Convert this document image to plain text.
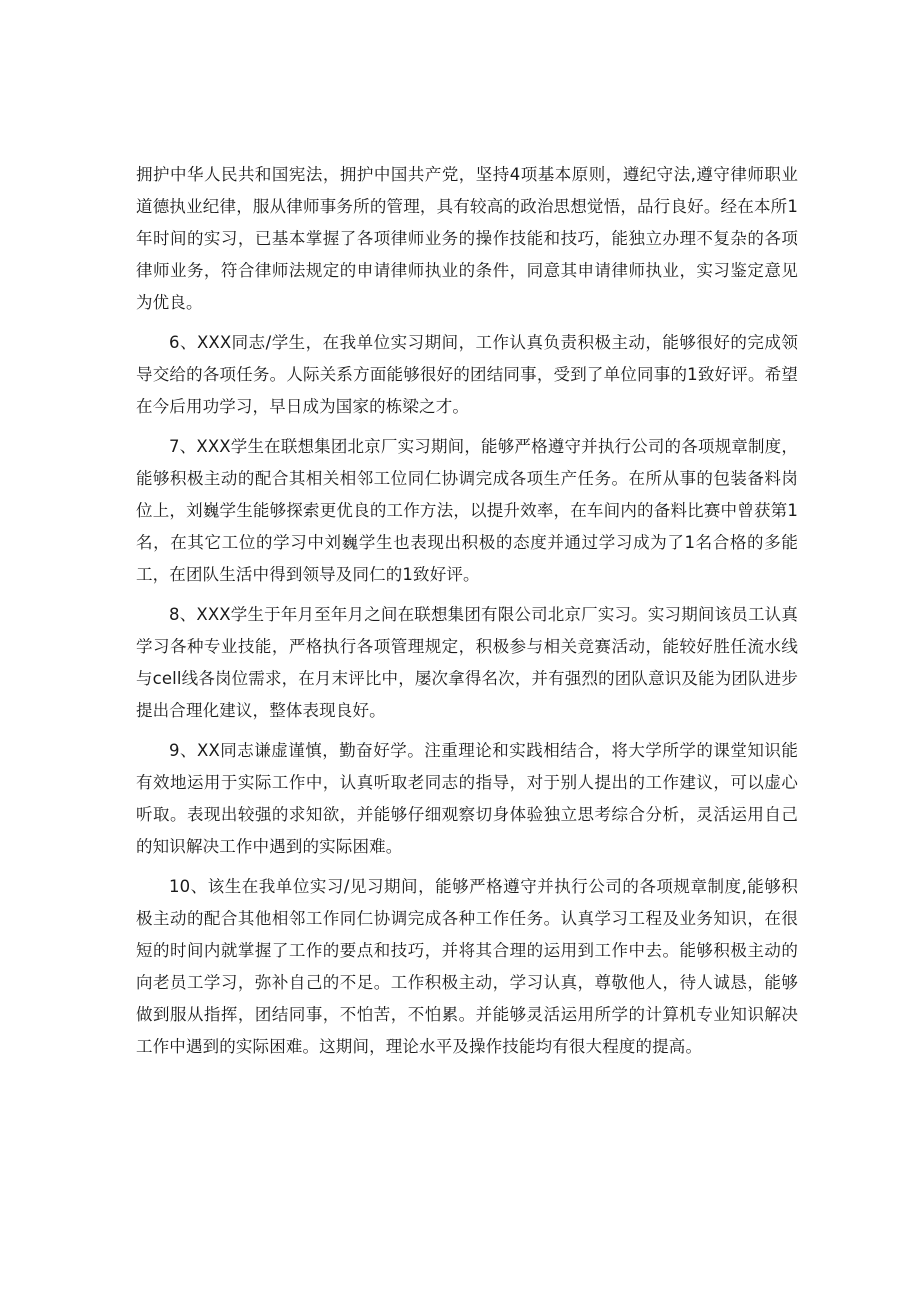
拥护中华人民共和国宪法，拥护中国共产党，坚持4项基本原则，遵纪守法,遵守律师职业道德执业纪律，服从律师事务所的管理，具有较高的政治思想觉悟，品行良好。经在本所1年时间的实习，已基本掌握了各项律师业务的操作技能和技巧，能独立办理不复杂的各项律师业务，符合律师法规定的申请律师执业的条件，同意其申请律师执业，实习鉴定意见为优良。

6、XXX同志/学生，在我单位实习期间，工作认真负责积极主动，能够很好的完成领导交给的各项任务。人际关系方面能够很好的团结同事，受到了单位同事的1致好评。希望在今后用功学习，早日成为国家的栋梁之才。

7、XXX学生在联想集团北京厂实习期间，能够严格遵守并执行公司的各项规章制度，能够积极主动的配合其相关相邻工位同仁协调完成各项生产任务。在所从事的包装备料岗位上，刘巍学生能够探索更优良的工作方法，以提升效率，在车间内的备料比赛中曾获第1名，在其它工位的学习中刘巍学生也表现出积极的态度并通过学习成为了1名合格的多能工，在团队生活中得到领导及同仁的1致好评。

8、XXX学生于年月至年月之间在联想集团有限公司北京厂实习。实习期间该员工认真学习各种专业技能，严格执行各项管理规定，积极参与相关竞赛活动，能较好胜任流水线与cell线各岗位需求，在月末评比中，屡次拿得名次，并有强烈的团队意识及能为团队进步提出合理化建议，整体表现良好。

9、XX同志谦虚谨慎，勤奋好学。注重理论和实践相结合，将大学所学的课堂知识能有效地运用于实际工作中，认真听取老同志的指导，对于别人提出的工作建议，可以虚心听取。表现出较强的求知欲，并能够仔细观察切身体验独立思考综合分析，灵活运用自己的知识解决工作中遇到的实际困难。

10、该生在我单位实习/见习期间，能够严格遵守并执行公司的各项规章制度,能够积极主动的配合其他相邻工作同仁协调完成各种工作任务。认真学习工程及业务知识，在很短的时间内就掌握了工作的要点和技巧，并将其合理的运用到工作中去。能够积极主动的向老员工学习，弥补自己的不足。工作积极主动，学习认真，尊敬他人，待人诚恳，能够做到服从指挥，团结同事，不怕苦，不怕累。并能够灵活运用所学的计算机专业知识解决工作中遇到的实际困难。这期间，理论水平及操作技能均有很大程度的提高。
